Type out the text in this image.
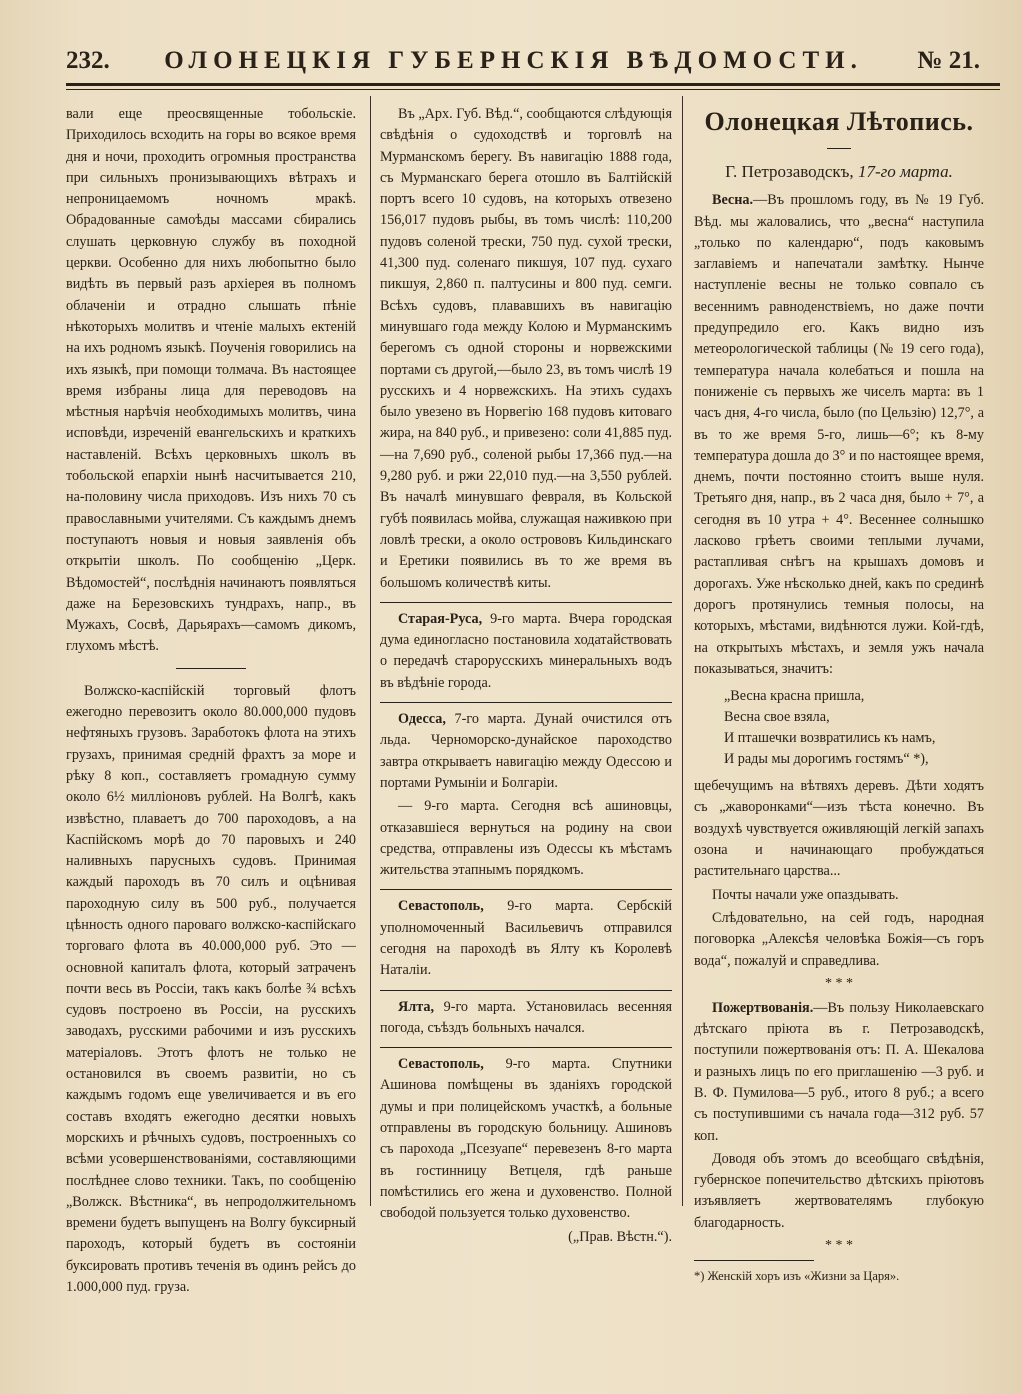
232. ОЛОНЕЦКІЯ ГУБЕРНСКІЯ ВѢДОМОСТИ. № 21.

вали еще преосвященные тобольскіе. Приходилось всходить на горы во всякое время дня и ночи, проходить огромныя пространства при сильныхъ пронизывающихъ вѣтрахъ и непроницаемомъ ночномъ мракѣ. Обрадованные самоѣды массами сбирались слушать церковную службу въ походной церкви. Особенно для нихъ любопытно было видѣть въ первый разъ архіерея въ полномъ облаченіи и отрадно слышать пѣніе нѣкоторыхъ молитвъ и чтеніе малыхъ ектеній на ихъ родномъ языкѣ. Поученія говорились на ихъ языкѣ, при помощи толмача. Въ настоящее время избраны лица для переводовъ на мѣстныя нарѣчія необходимыхъ молитвъ, чина исповѣди, изреченій евангельскихъ и краткихъ наставленій. Всѣхъ церковныхъ школъ въ тобольской епархіи нынѣ насчитывается 210, на-половину числа приходовъ. Изъ нихъ 70 съ православными учителями. Съ каждымъ днемъ поступаютъ новыя и новыя заявленія объ открытіи школъ. По сообщенію „Церк. Вѣдомостей“, послѣднія начинаютъ появляться даже на Березовскихъ тундрахъ, напр., въ Мужахъ, Сосвѣ, Дарьярахъ—самомъ дикомъ, глухомъ мѣстѣ.

Волжско-каспійскій торговый флотъ ежегодно перевозитъ около 80.000,000 пудовъ нефтяныхъ грузовъ. Заработокъ флота на этихъ грузахъ, принимая средній фрахтъ за море и рѣку 8 коп., составляетъ громадную сумму около 6½ милліоновъ рублей. На Волгѣ, какъ извѣстно, плаваетъ до 700 пароходовъ, а на Каспійскомъ морѣ до 70 паровыхъ и 240 наливныхъ парусныхъ судовъ. Принимая каждый пароходъ въ 70 силъ и оцѣнивая пароходную силу въ 500 руб., получается цѣнность одного пароваго волжско-каспійскаго торговаго флота въ 40.000,000 руб. Это — основной капиталъ флота, который затраченъ почти весь въ Россіи, такъ какъ болѣе ¾ всѣхъ судовъ построено въ Россіи, на русскихъ заводахъ, русскими рабочими и изъ русскихъ матеріаловъ. Этотъ флотъ не только не остановился въ своемъ развитіи, но съ каждымъ годомъ еще увеличивается и въ его составъ входятъ ежегодно десятки новыхъ морскихъ и рѣчныхъ судовъ, построенныхъ со всѣми усовершенствованіями, составляющими послѣднее слово техники. Такъ, по сообщенію „Волжск. Вѣстника“, въ непродолжительномъ времени будетъ выпущенъ на Волгу буксирный пароходъ, который будетъ въ состояніи буксировать противъ теченія въ одинъ рейсъ до 1.000,000 пуд. груза.

Въ „Арх. Губ. Вѣд.“, сообщаются слѣдующія свѣдѣнія о судоходствѣ и торговлѣ на Мурманскомъ берегу. Въ навигацію 1888 года, съ Мурманскаго берега отошло въ Балтійскій портъ всего 10 судовъ, на которыхъ отвезено 156,017 пудовъ рыбы, въ томъ числѣ: 110,200 пудовъ соленой трески, 750 пуд. сухой трески, 41,300 пуд. соленаго пикшуя, 107 пуд. сухаго пикшуя, 2,860 п. палтусины и 800 пуд. семги. Всѣхъ судовъ, плававшихъ въ навигацію минувшаго года между Колою и Мурманскимъ берегомъ съ одной стороны и норвежскими портами съ другой,—было 23, въ томъ числѣ 19 русскихъ и 4 норвежскихъ. На этихъ судахъ было увезено въ Норвегію 168 пудовъ китоваго жира, на 840 руб., и привезено: соли 41,885 пуд.—на 7,690 руб., соленой рыбы 17,366 пуд.—на 9,280 руб. и ржи 22,010 пуд.—на 3,550 рублей. Въ началѣ минувшаго февраля, въ Кольской губѣ появилась мойва, служащая наживкою при ловлѣ трески, а около острововъ Кильдинскаго и Еретики появились въ то же время въ большомъ количествѣ киты.

Старая-Руса, 9-го марта. Вчера городская дума единогласно постановила ходатайствовать о передачѣ старорусскихъ минеральныхъ водъ въ вѣдѣніе города.

Одесса, 7-го марта. Дунай очистился отъ льда. Черноморско-дунайское пароходство завтра открываетъ навигацію между Одессою и портами Румыніи и Болгаріи.

— 9-го марта. Сегодня всѣ ашиновцы, отказавшіеся вернуться на родину на свои средства, отправлены изъ Одессы къ мѣстамъ жительства этапнымъ порядкомъ.

Севастополь, 9-го марта. Сербскій уполномоченный Васильевичъ отправился сегодня на пароходѣ въ Ялту къ Королевѣ Наталіи.

Ялта, 9-го марта. Установилась весенняя погода, съѣздъ больныхъ начался.

Севастополь, 9-го марта. Спутники Ашинова помѣщены въ зданіяхъ городской думы и при полицейскомъ участкѣ, а больные отправлены въ городскую больницу. Ашиновъ съ парохода „Псезуапе“ перевезенъ 8-го марта въ гостинницу Ветцеля, гдѣ раньше помѣстились его жена и духовенство. Полной свободой пользуется только духовенство.

(„Прав. Вѣстн.“).

Олонецкая Лѣтопись.
Г. Петрозаводскъ, 17-го марта.

Весна.—Въ прошломъ году, въ № 19 Губ. Вѣд. мы жаловались, что „весна“ наступила „только по календарю“, подъ каковымъ заглавіемъ и напечатали замѣтку. Нынче наступленіе весны не только совпало съ весеннимъ равноденствіемъ, но даже почти предупредило его. Какъ видно изъ метеорологической таблицы (№ 19 сего года), температура начала колебаться и пошла на пониженіе съ первыхъ же чиселъ марта: въ 1 часъ дня, 4-го числа, было (по Цельзію) 12,7°, а въ то же время 5-го, лишь—6°; къ 8-му температура дошла до 3° и по настоящее время, днемъ, почти постоянно стоитъ выше нуля. Третьяго дня, напр., въ 2 часа дня, было + 7°, а сегодня въ 10 утра + 4°. Весеннее солнышко ласково грѣетъ своими теплыми лучами, растапливая снѣгъ на крышахъ домовъ и дорогахъ. Уже нѣсколько дней, какъ по срединѣ дорогъ протянулись темныя полосы, на которыхъ, мѣстами, видѣнются лужи. Кой-гдѣ, на открытыхъ мѣстахъ, и земля ужъ начала показываться, значитъ:

„Весна красна пришла,
Весна свое взяла,
И пташечки возвратились къ намъ,
И рады мы дорогимъ гостямъ“ *),

щебечущимъ на вѣтвяхъ деревъ. Дѣти ходятъ съ „жаворонками“—изъ тѣста конечно. Въ воздухѣ чувствуется оживляющій легкій запахъ озона и начинающаго пробуждаться растительнаго царства...

Почты начали уже опаздывать.

Слѣдовательно, на сей годъ, народная поговорка „Алексѣя человѣка Божія—съ горъ вода“, пожалуй и справедлива.

* * *

Пожертвованія.—Въ пользу Николаевскаго дѣтскаго пріюта въ г. Петрозаводскѣ, поступили пожертвованія отъ: П. А. Шекалова и разныхъ лицъ по его приглашенію —3 руб. и В. Ф. Пумилова—5 руб., итого 8 руб.; а всего съ поступившими съ начала года—312 руб. 57 коп.

Доводя объ этомъ до всеобщаго свѣдѣнія, губернское попечительство дѣтскихъ пріютовъ изъявляетъ жертвователямъ глубокую благодарность.

* * *

*) Женскій хоръ изъ «Жизни за Царя».
